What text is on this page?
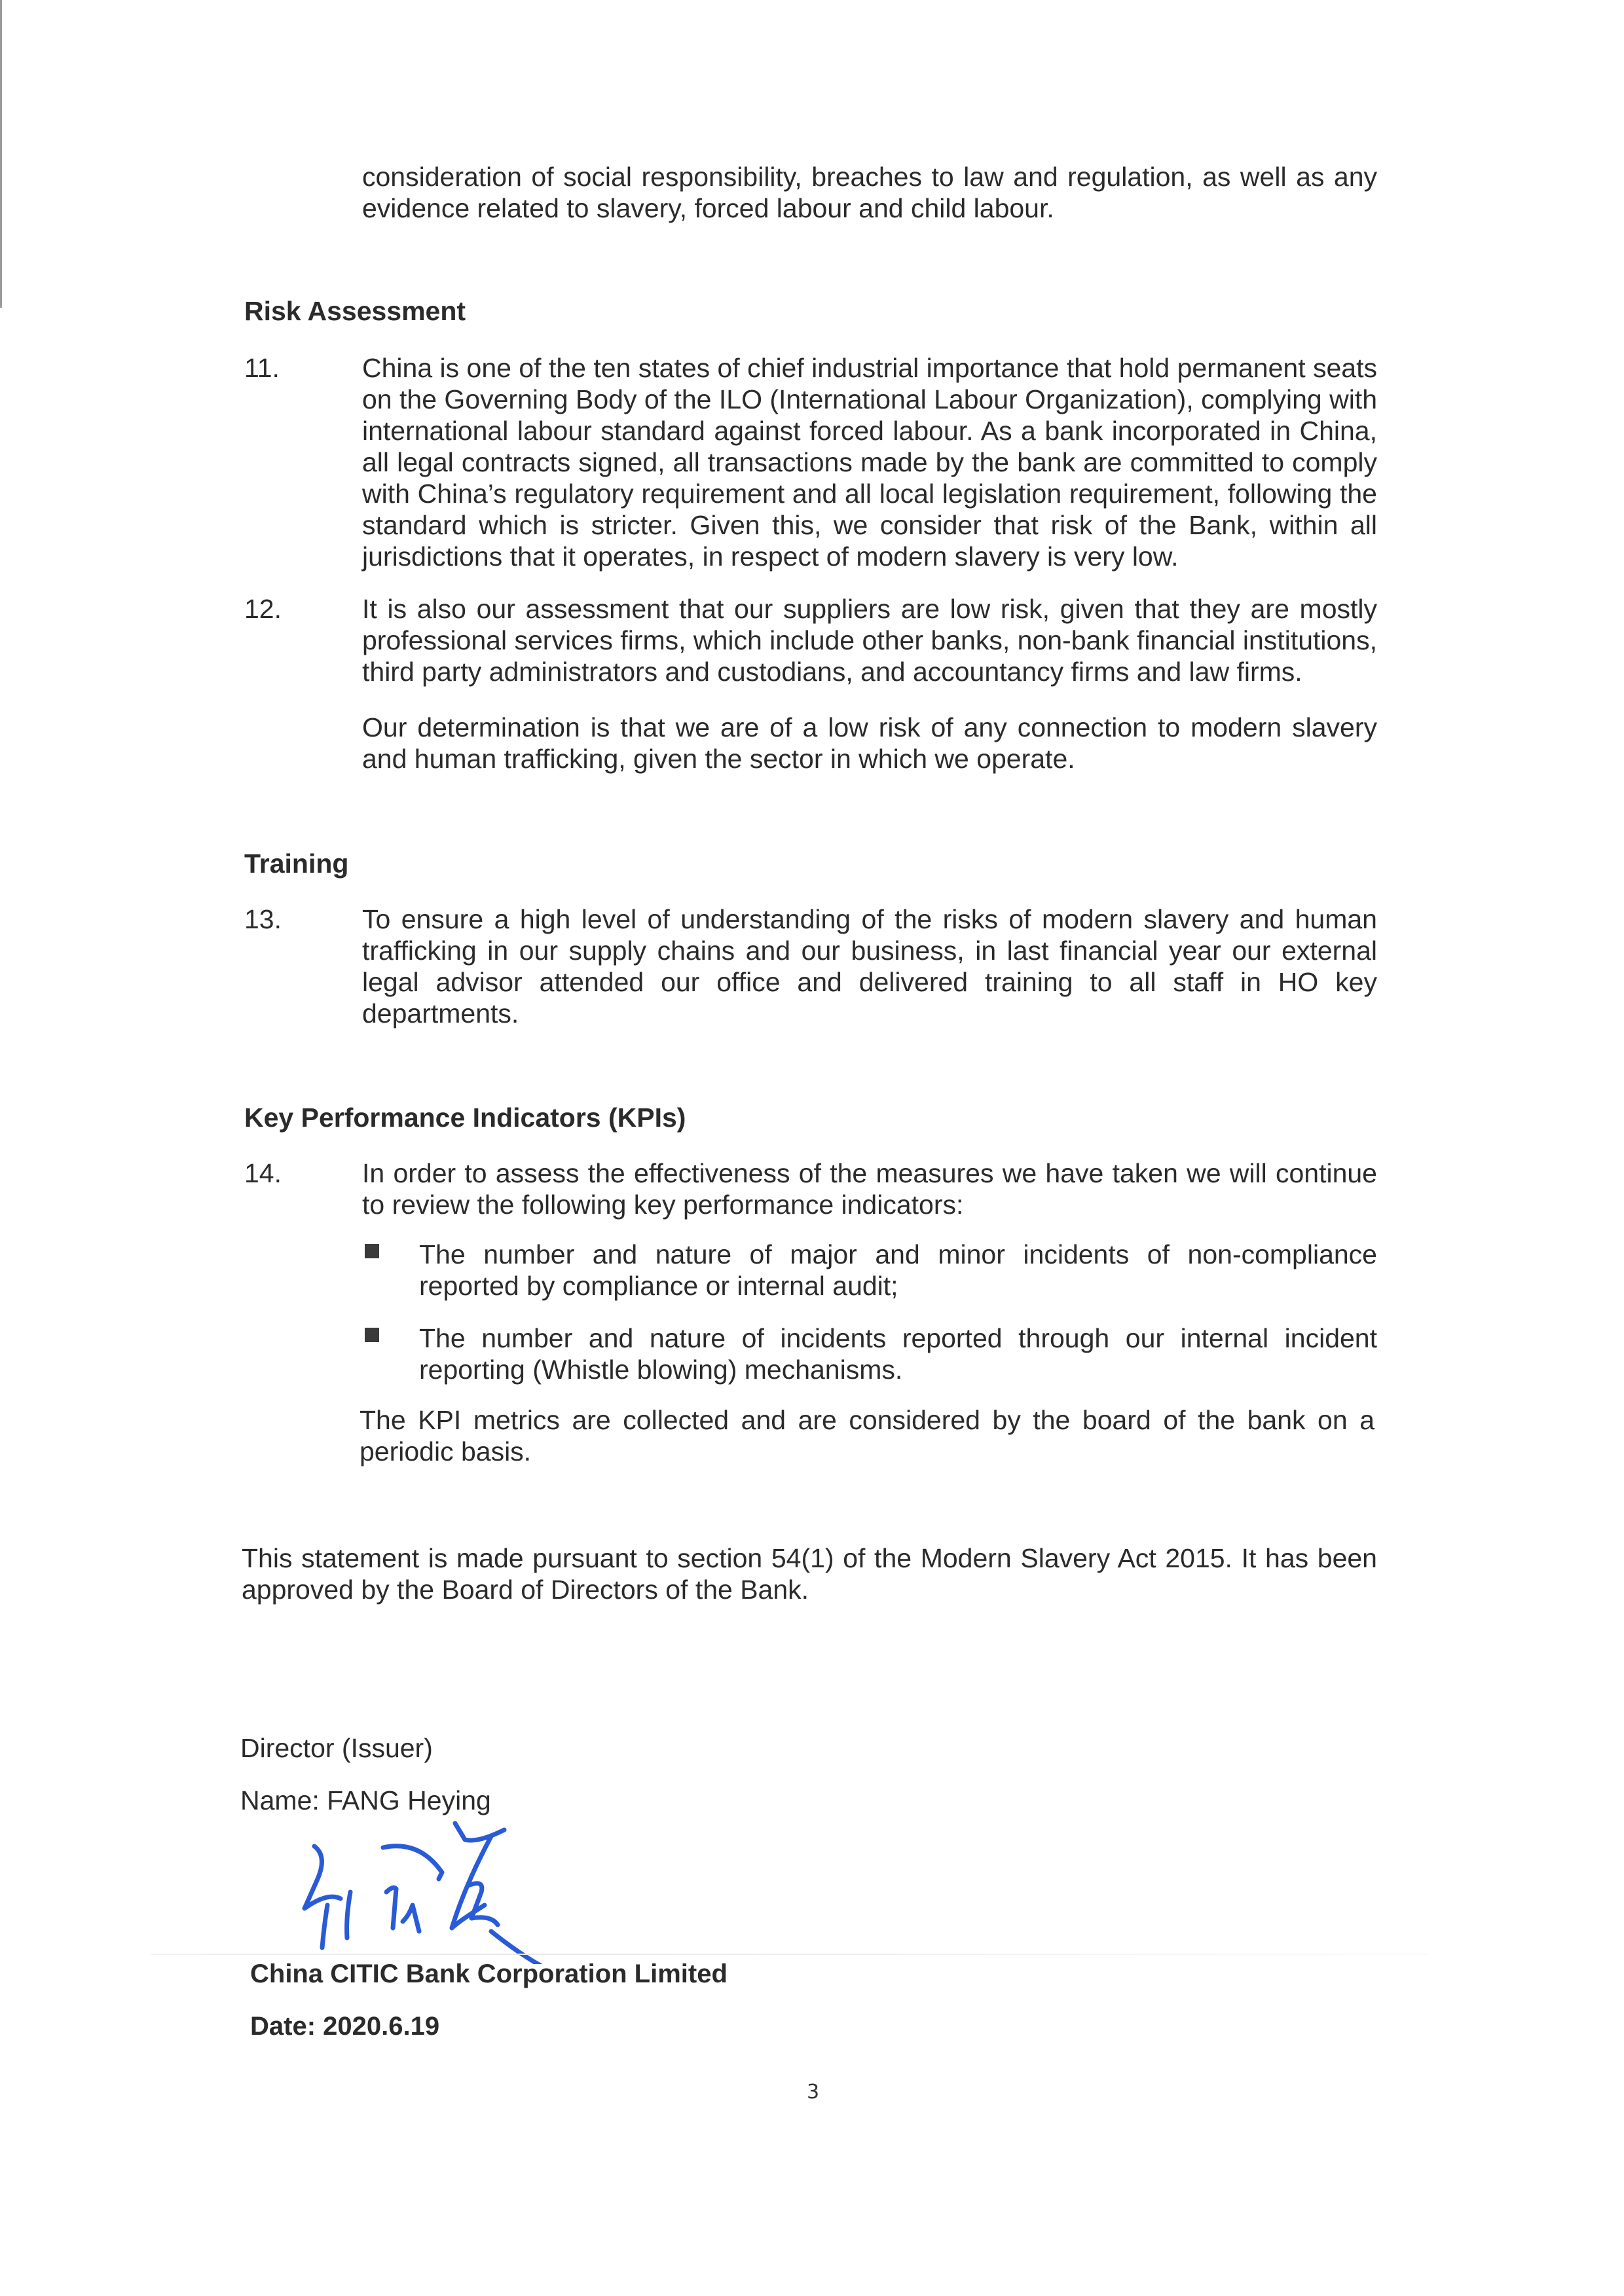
consideration of social responsibility, breaches to law and regulation, as well as any evidence related to slavery, forced labour and child labour.
Risk Assessment
11.	China is one of the ten states of chief industrial importance that hold permanent seats on the Governing Body of the ILO (International Labour Organization), complying with international labour standard against forced labour. As a bank incorporated in China, all legal contracts signed, all transactions made by the bank are committed to comply with China’s regulatory requirement and all local legislation requirement, following the standard which is stricter. Given this, we consider that risk of the Bank, within all jurisdictions that it operates, in respect of modern slavery is very low.
12.	It is also our assessment that our suppliers are low risk, given that they are mostly professional services firms, which include other banks, non-bank financial institutions, third party administrators and custodians, and accountancy firms and law firms.
Our determination is that we are of a low risk of any connection to modern slavery and human trafficking, given the sector in which we operate.
Training
13.	To ensure a high level of understanding of the risks of modern slavery and human trafficking in our supply chains and our business, in last financial year our external legal advisor attended our office and delivered training to all staff in HO key departments.
Key Performance Indicators (KPIs)
14.	In order to assess the effectiveness of the measures we have taken we will continue to review the following key performance indicators:
The number and nature of major and minor incidents of non-compliance reported by compliance or internal audit;
The number and nature of incidents reported through our internal incident reporting (Whistle blowing) mechanisms.
The KPI metrics are collected and are considered by the board of the bank on a periodic basis.
This statement is made pursuant to section 54(1) of the Modern Slavery Act 2015. It has been approved by the Board of Directors of the Bank.
Director (Issuer)
Name: FANG Heying
China CITIC Bank Corporation Limited
Date: 2020.6.19
3
